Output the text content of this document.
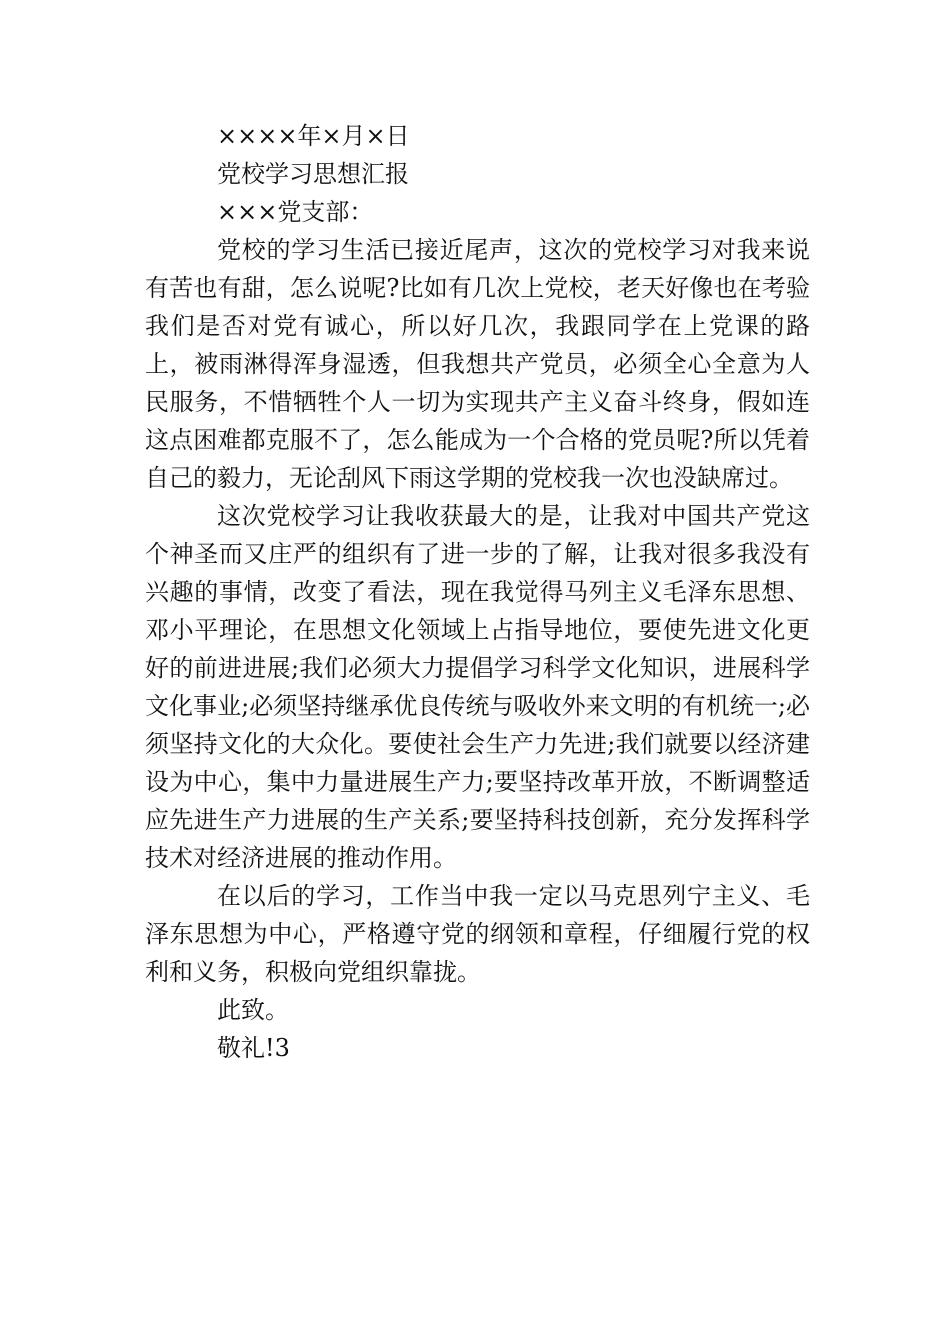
××××年×月×日

党校学习思想汇报

×××党支部：

党校的学习生活已接近尾声，这次的党校学习对我来说有苦也有甜，怎么说呢?比如有几次上党校，老天好像也在考验我们是否对党有诚心，所以好几次，我跟同学在上党课的路上，被雨淋得浑身湿透，但我想共产党员，必须全心全意为人民服务，不惜牺牲个人一切为实现共产主义奋斗终身，假如连这点困难都克服不了，怎么能成为一个合格的党员呢?所以凭着自己的毅力，无论刮风下雨这学期的党校我一次也没缺席过。

这次党校学习让我收获最大的是，让我对中国共产党这个神圣而又庄严的组织有了进一步的了解，让我对很多我没有兴趣的事情，改变了看法，现在我觉得马列主义毛泽东思想、邓小平理论，在思想文化领域上占指导地位，要使先进文化更好的前进进展;我们必须大力提倡学习科学文化知识，进展科学文化事业;必须坚持继承优良传统与吸收外来文明的有机统一;必须坚持文化的大众化。要使社会生产力先进;我们就要以经济建设为中心，集中力量进展生产力;要坚持改革开放，不断调整适应先进生产力进展的生产关系;要坚持科技创新，充分发挥科学技术对经济进展的推动作用。

在以后的学习，工作当中我一定以马克思列宁主义、毛泽东思想为中心，严格遵守党的纲领和章程，仔细履行党的权利和义务，积极向党组织靠拢。

此致。

敬礼!3
